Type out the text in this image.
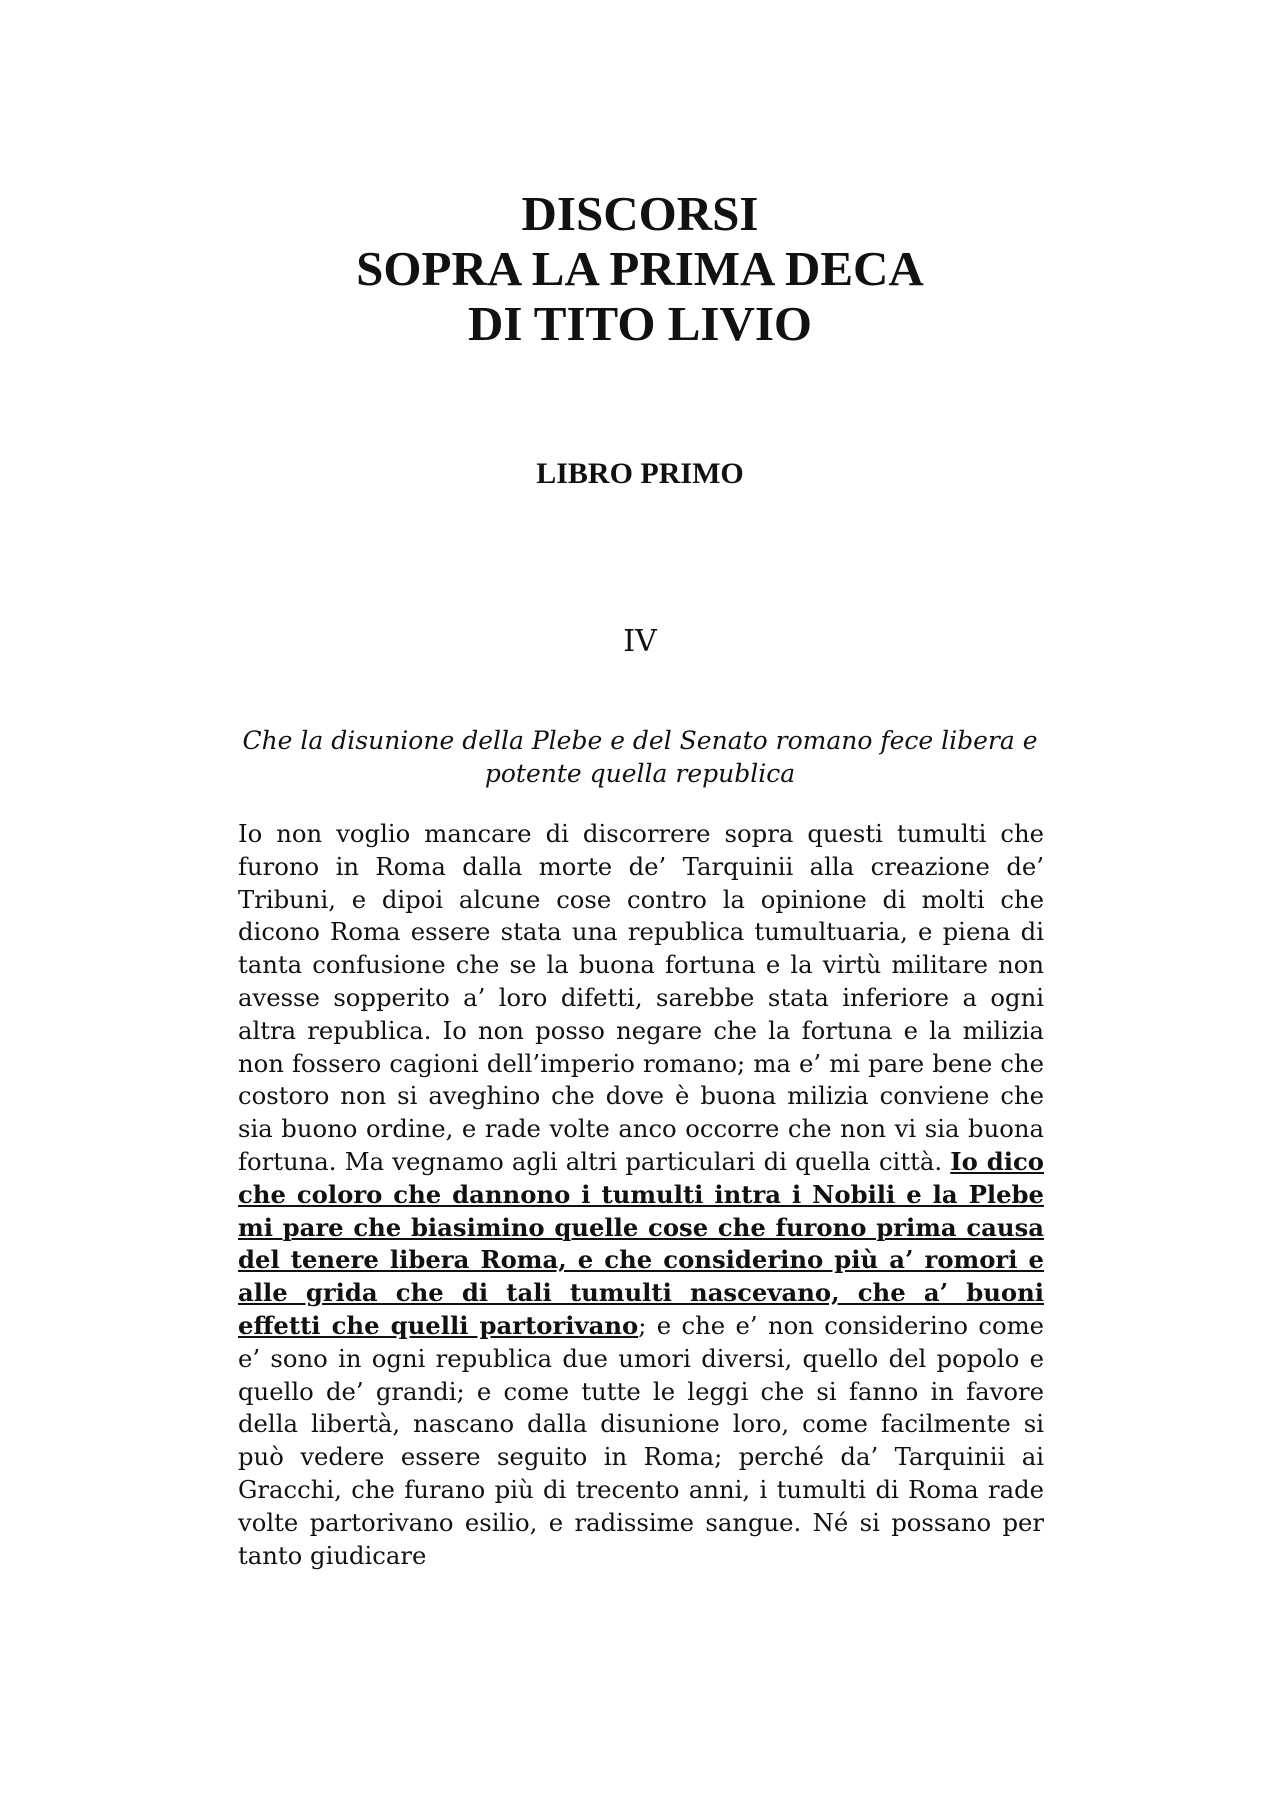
DISCORSI
SOPRA LA PRIMA DECA
DI TITO LIVIO
LIBRO PRIMO
IV
Che la disunione della Plebe e del Senato romano fece libera e potente quella republica

Io non voglio mancare di discorrere sopra questi tumulti che furono in Roma dalla morte de’ Tarquinii alla creazione de’ Tribuni, e dipoi alcune cose contro la opinione di molti che dicono Roma essere stata una republica tumultuaria, e piena di tanta confusione che se la buona fortuna e la virtù militare non avesse sopperito a’ loro difetti, sarebbe stata inferiore a ogni altra republica. Io non posso negare che la fortuna e la milizia non fossero cagioni dell’imperio romano; ma e’ mi pare bene che costoro non si aveghino che dove è buona milizia conviene che sia buono ordine, e rade volte anco occorre che non vi sia buona fortuna. Ma vegnamo agli altri particulari di quella città. Io dico che coloro che dannono i tumulti intra i Nobili e la Plebe mi pare che biasimino quelle cose che furono prima causa del tenere libera Roma, e che considerino più a’ romori e alle grida che di tali tumulti nascevano, che a’ buoni effetti che quelli partorivano; e che e’ non considerino come e’ sono in ogni republica due umori diversi, quello del popolo e quello de’ grandi; e come tutte le leggi che si fanno in favore della libertà, nascano dalla disunione loro, come facilmente si può vedere essere seguito in Roma; perché da’ Tarquinii ai Gracchi, che furano più di trecento anni, i tumulti di Roma rade volte partorivano esilio, e radissime sangue. Né si possano per tanto giudicare
